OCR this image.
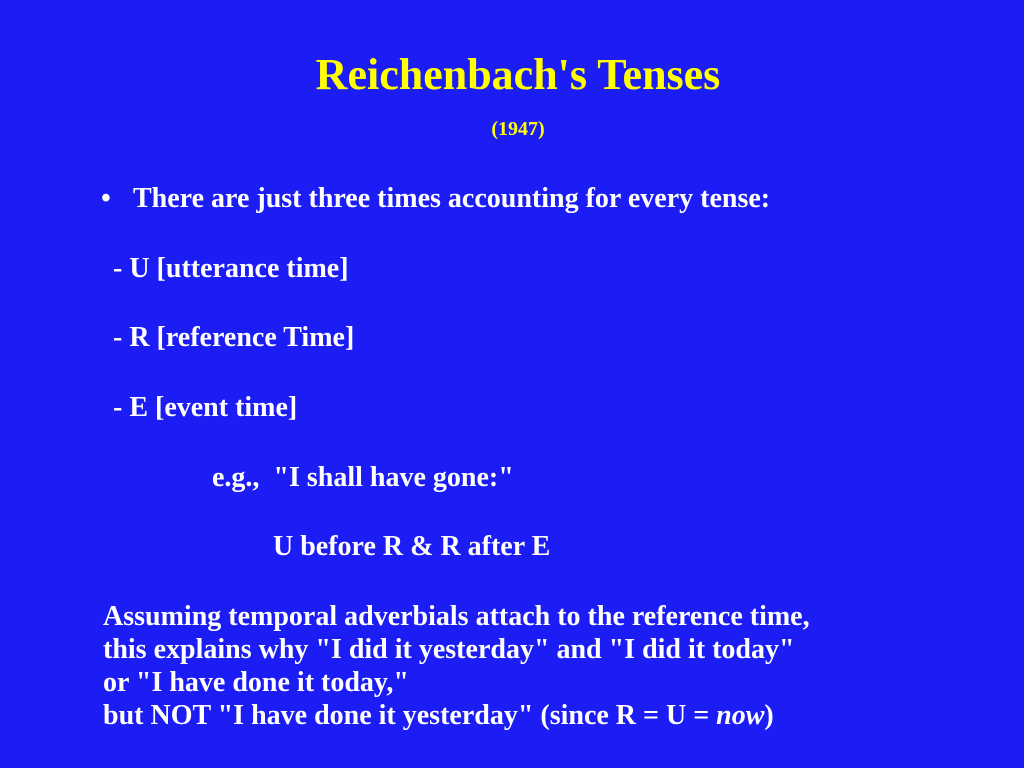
Reichenbach's Tenses
(1947)
• There are just three times accounting for every tense:
- U [utterance time]
- R [reference Time]
- E [event time]
e.g.,  "I shall have gone:"
U before R & R after E
Assuming temporal adverbials attach to the reference time,
this explains why "I did it yesterday" and "I did it today"
or "I have done it today,"
but NOT "I have done it yesterday" (since R = U = now)
